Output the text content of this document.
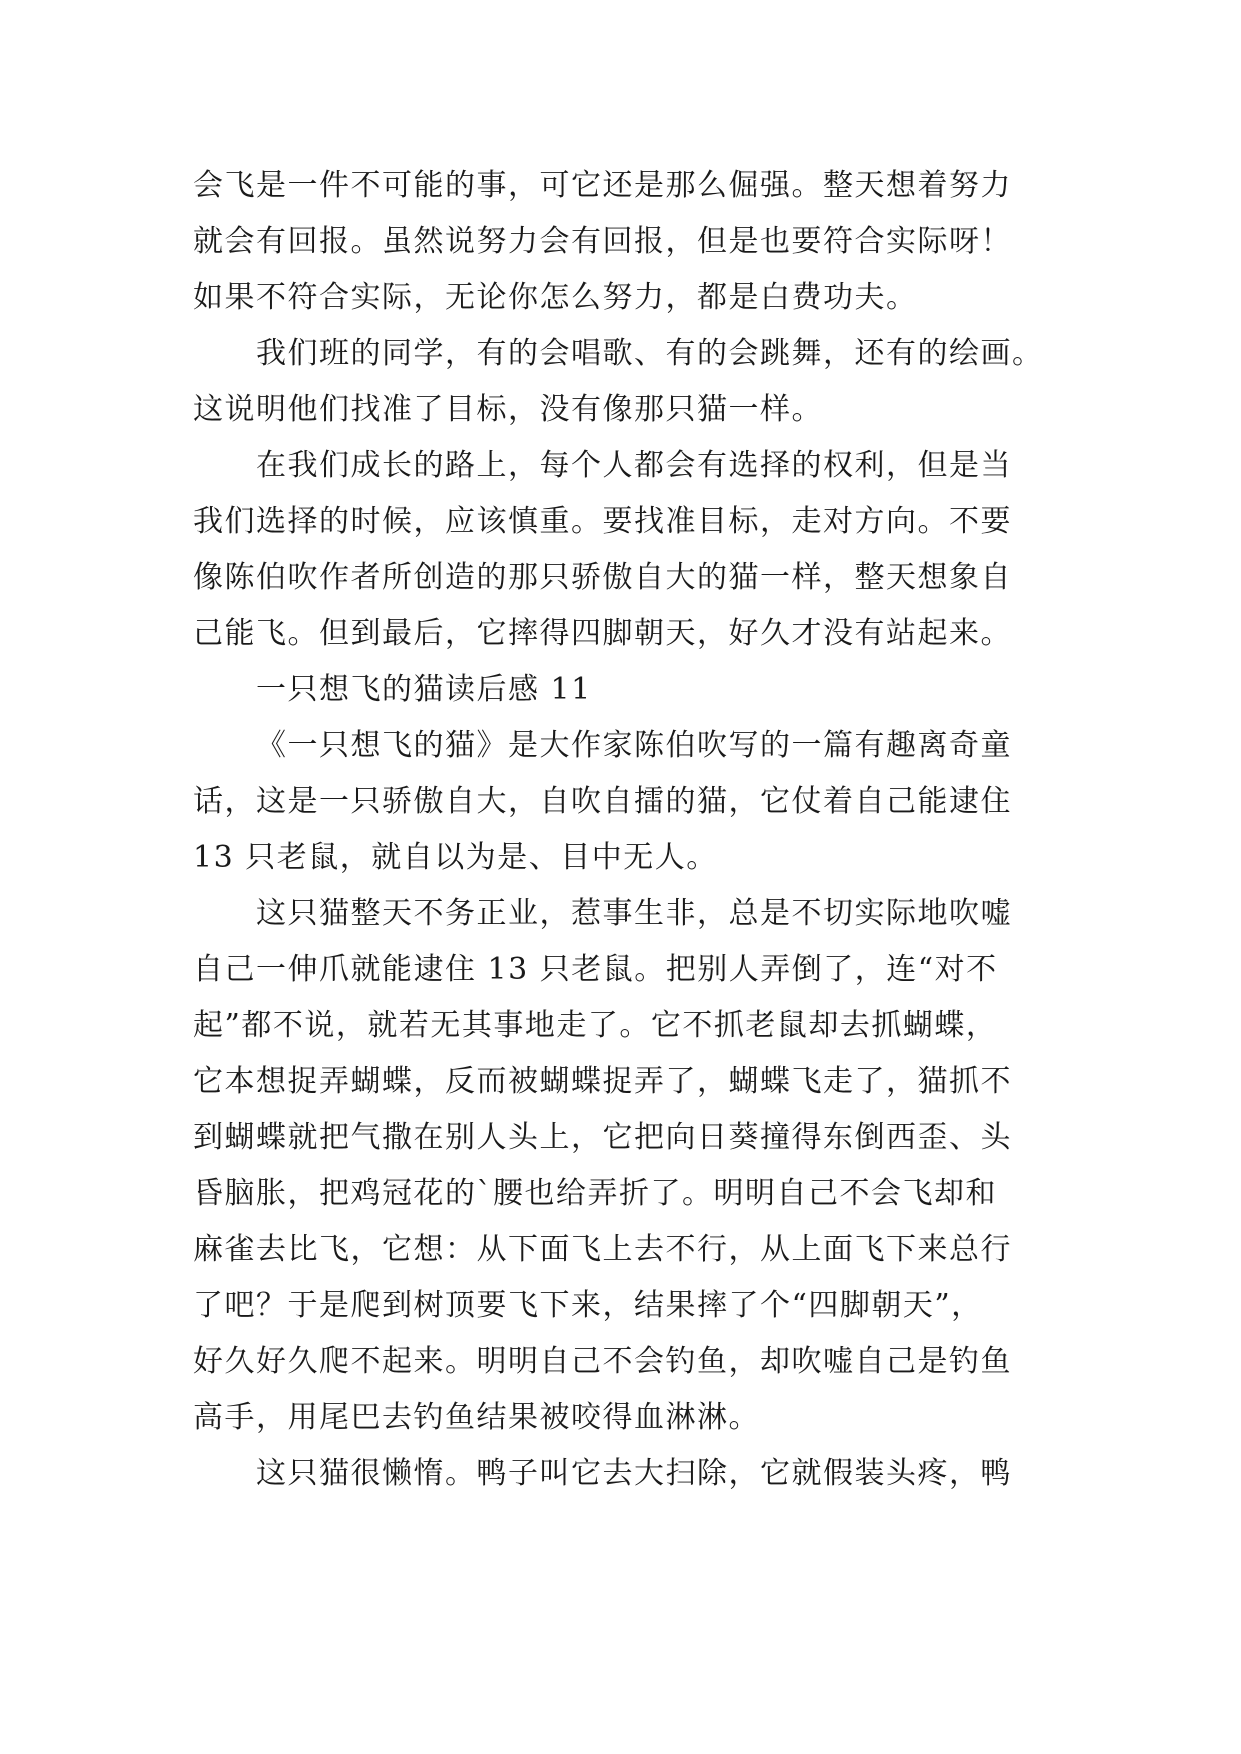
会飞是一件不可能的事，可它还是那么倔强。整天想着努力
就会有回报。虽然说努力会有回报，但是也要符合实际呀！
如果不符合实际，无论你怎么努力，都是白费功夫。
我们班的同学，有的会唱歌、有的会跳舞，还有的绘画。
这说明他们找准了目标，没有像那只猫一样。
在我们成长的路上，每个人都会有选择的权利，但是当
我们选择的时候，应该慎重。要找准目标，走对方向。不要
像陈伯吹作者所创造的那只骄傲自大的猫一样，整天想象自
己能飞。但到最后，它摔得四脚朝天，好久才没有站起来。
一只想飞的猫读后感 11
《一只想飞的猫》是大作家陈伯吹写的一篇有趣离奇童
话，这是一只骄傲自大，自吹自擂的猫，它仗着自己能逮住
13 只老鼠，就自以为是、目中无人。
这只猫整天不务正业，惹事生非，总是不切实际地吹嘘
自己一伸爪就能逮住 13 只老鼠。把别人弄倒了，连“对不
起”都不说，就若无其事地走了。它不抓老鼠却去抓蝴蝶，
它本想捉弄蝴蝶，反而被蝴蝶捉弄了，蝴蝶飞走了，猫抓不
到蝴蝶就把气撒在别人头上，它把向日葵撞得东倒西歪、头
昏脑胀，把鸡冠花的`腰也给弄折了。明明自己不会飞却和
麻雀去比飞，它想：从下面飞上去不行，从上面飞下来总行
了吧？于是爬到树顶要飞下来，结果摔了个“四脚朝天”，
好久好久爬不起来。明明自己不会钓鱼，却吹嘘自己是钓鱼
高手，用尾巴去钓鱼结果被咬得血淋淋。
这只猫很懒惰。鸭子叫它去大扫除，它就假装头疼，鸭
